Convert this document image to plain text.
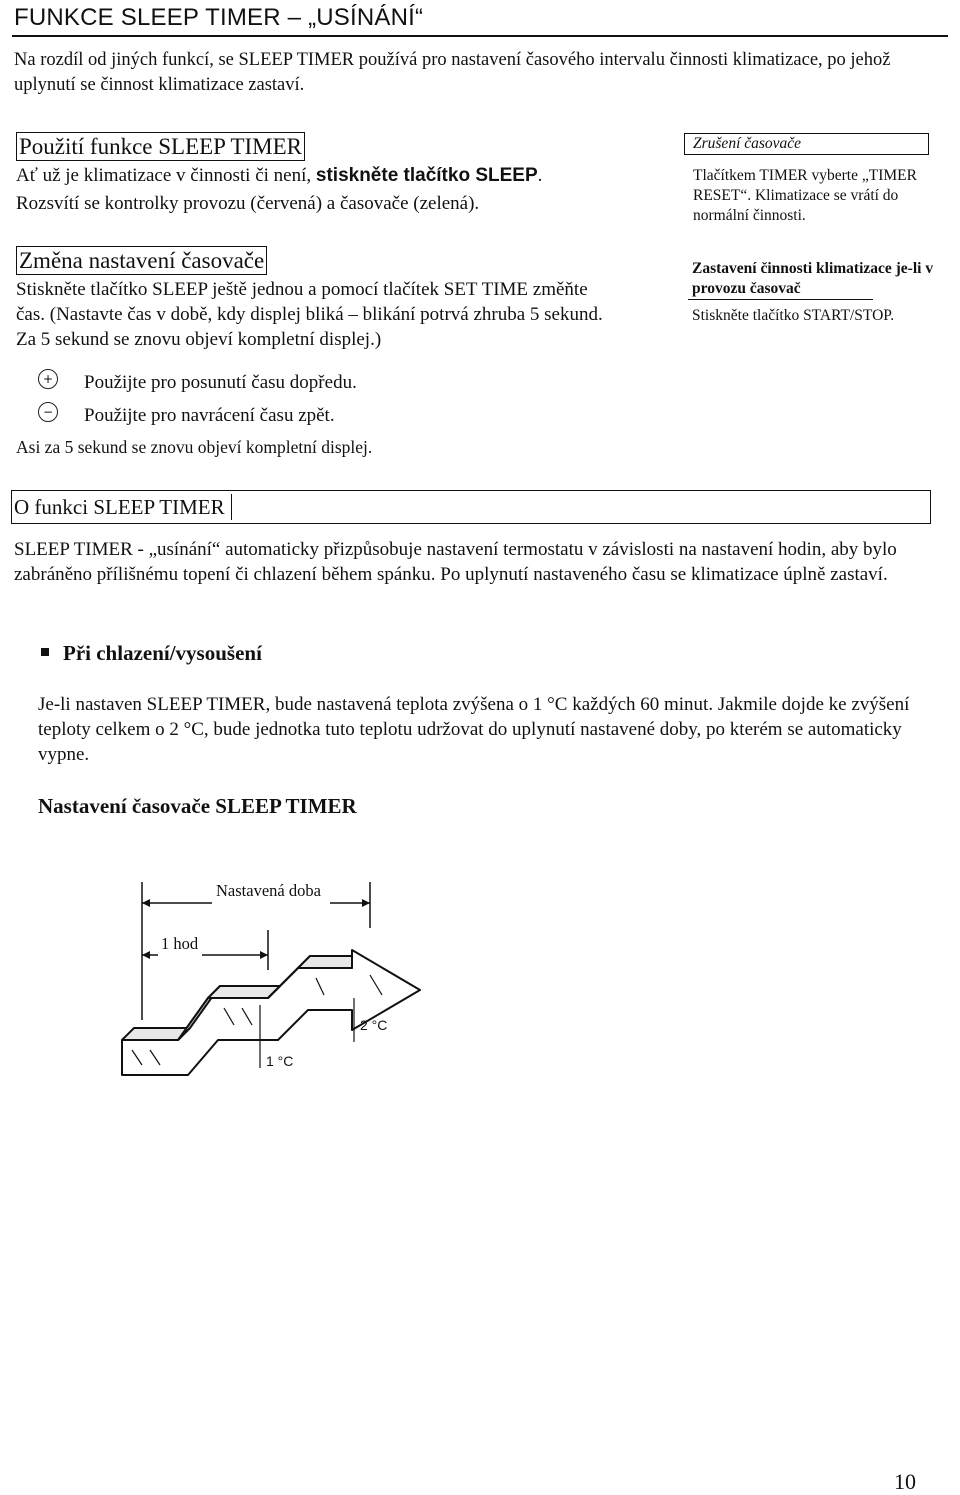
FUNKCE SLEEP TIMER – „USÍNÁNÍ“
Na rozdíl od jiných funkcí, se SLEEP TIMER používá pro nastavení časového intervalu činnosti klimatizace, po jehož uplynutí se činnost klimatizace zastaví.
Použití funkce SLEEP TIMER
Ať už je klimatizace v činnosti či není, stiskněte tlačítko SLEEP.
Rozsvítí se kontrolky provozu (červená) a časovače (zelená).
Změna nastavení časovače
Stiskněte tlačítko SLEEP ještě jednou a pomocí tlačítek SET TIME změňte čas. (Nastavte čas v době, kdy displej bliká – blikání potrvá zhruba 5 sekund. Za 5 sekund se znovu objeví kompletní displej.)
+ Použijte pro posunutí času dopředu.
− Použijte pro navrácení času zpět.
Asi za 5 sekund se znovu objeví kompletní displej.
Zrušení časovače
Tlačítkem TIMER vyberte „TIMER RESET“. Klimatizace se vrátí do normální činnosti.
Zastavení činnosti klimatizace je-li v provozu časovač
Stiskněte tlačítko START/STOP.
O funkci SLEEP TIMER
SLEEP TIMER - „usínání“ automaticky přizpůsobuje nastavení termostatu v závislosti na nastavení hodin, aby bylo zabráněno přílišnému topení či chlazení během spánku. Po uplynutí nastaveného času se klimatizace úplně zastaví.
Při chlazení/vysoušení
Je-li nastaven SLEEP TIMER, bude nastavená teplota zvýšena o 1 °C každých 60 minut. Jakmile dojde ke zvýšení teploty celkem o 2 °C, bude jednotka tuto teplotu udržovat do uplynutí nastavené doby, po kterém se automaticky vypne.
Nastavení časovače SLEEP TIMER
1 °C
2 °C
Nastavená doba
1 hod
10
